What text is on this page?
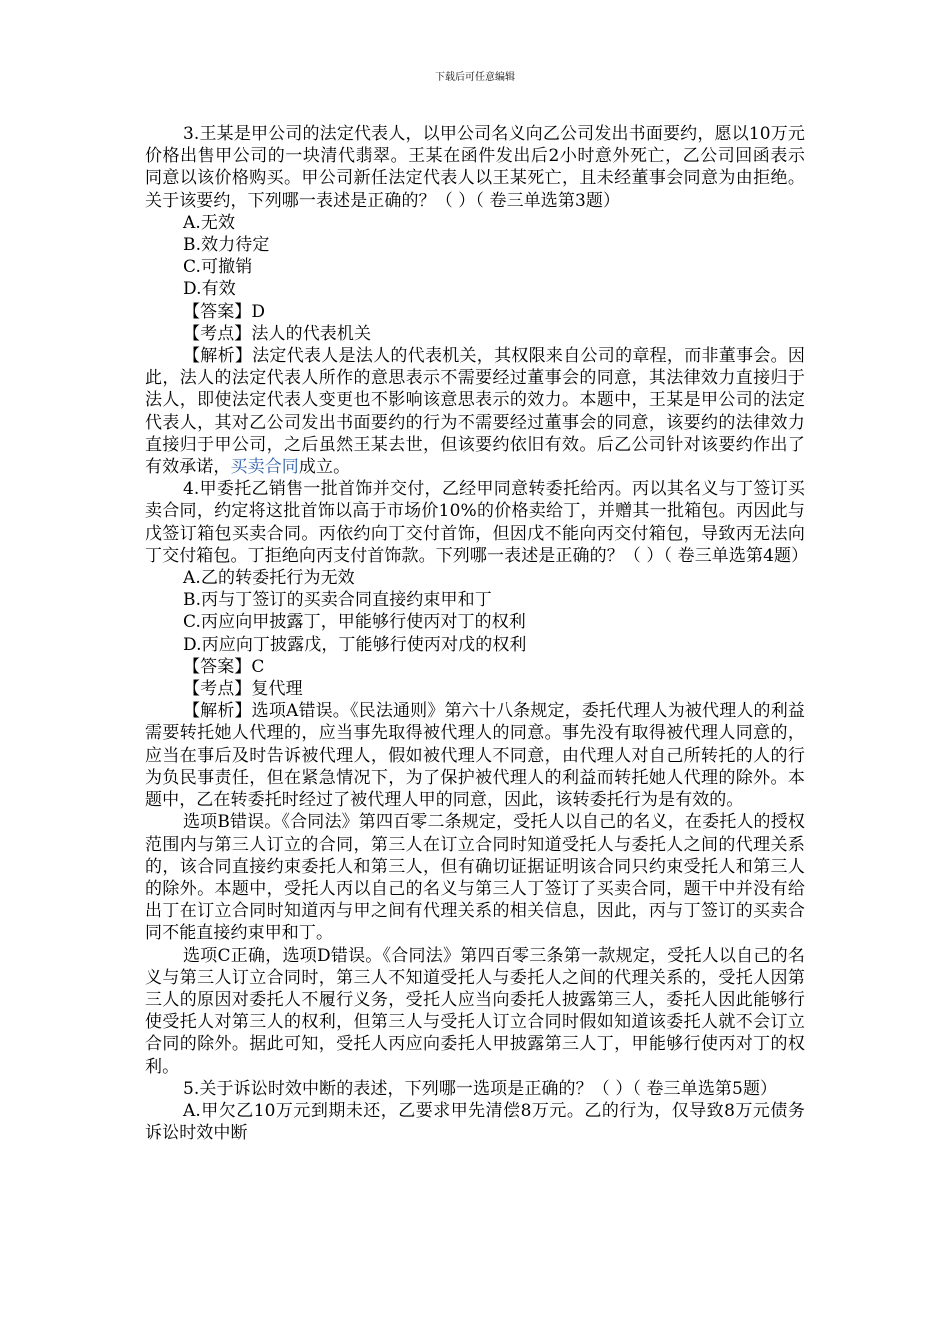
下载后可任意编辑

3.王某是甲公司的法定代表人，以甲公司名义向乙公司发出书面要约，愿以10万元价格出售甲公司的一块清代翡翠。王某在函件发出后2小时意外死亡，乙公司回函表示同意以该价格购买。甲公司新任法定代表人以王某死亡，且未经董事会同意为由拒绝。关于该要约，下列哪一表述是正确的？（ ）（ 卷三单选第3题）

A.无效

B.效力待定

C.可撤销

D.有效

【答案】D

【考点】法人的代表机关

【解析】法定代表人是法人的代表机关，其权限来自公司的章程，而非董事会。因此，法人的法定代表人所作的意思表示不需要经过董事会的同意，其法律效力直接归于法人，即使法定代表人变更也不影响该意思表示的效力。本题中，王某是甲公司的法定代表人，其对乙公司发出书面要约的行为不需要经过董事会的同意，该要约的法律效力直接归于甲公司，之后虽然王某去世，但该要约依旧有效。后乙公司针对该要约作出了有效承诺，买卖合同成立。

4.甲委托乙销售一批首饰并交付，乙经甲同意转委托给丙。丙以其名义与丁签订买卖合同，约定将这批首饰以高于市场价10%的价格卖给丁，并赠其一批箱包。丙因此与戊签订箱包买卖合同。丙依约向丁交付首饰，但因戊不能向丙交付箱包，导致丙无法向丁交付箱包。丁拒绝向丙支付首饰款。下列哪一表述是正确的？（ ）（ 卷三单选第4题）

A.乙的转委托行为无效

B.丙与丁签订的买卖合同直接约束甲和丁

C.丙应向甲披露丁，甲能够行使丙对丁的权利

D.丙应向丁披露戊，丁能够行使丙对戊的权利

【答案】C

【考点】复代理

【解析】选项A错误。《民法通则》第六十八条规定，委托代理人为被代理人的利益需要转托她人代理的，应当事先取得被代理人的同意。事先没有取得被代理人同意的，应当在事后及时告诉被代理人，假如被代理人不同意，由代理人对自己所转托的人的行为负民事责任，但在紧急情况下，为了保护被代理人的利益而转托她人代理的除外。本题中，乙在转委托时经过了被代理人甲的同意，因此，该转委托行为是有效的。

选项B错误。《合同法》第四百零二条规定，受托人以自己的名义，在委托人的授权范围内与第三人订立的合同，第三人在订立合同时知道受托人与委托人之间的代理关系的，该合同直接约束委托人和第三人，但有确切证据证明该合同只约束受托人和第三人的除外。本题中，受托人丙以自己的名义与第三人丁签订了买卖合同，题干中并没有给出丁在订立合同时知道丙与甲之间有代理关系的相关信息，因此，丙与丁签订的买卖合同不能直接约束甲和丁。

选项C正确，选项D错误。《合同法》第四百零三条第一款规定，受托人以自己的名义与第三人订立合同时，第三人不知道受托人与委托人之间的代理关系的，受托人因第三人的原因对委托人不履行义务，受托人应当向委托人披露第三人，委托人因此能够行使受托人对第三人的权利，但第三人与受托人订立合同时假如知道该委托人就不会订立合同的除外。据此可知，受托人丙应向委托人甲披露第三人丁，甲能够行使丙对丁的权利。

5.关于诉讼时效中断的表述，下列哪一选项是正确的？（ ）（ 卷三单选第5题）

A.甲欠乙10万元到期未还，乙要求甲先清偿8万元。乙的行为，仅导致8万元债务诉讼时效中断
